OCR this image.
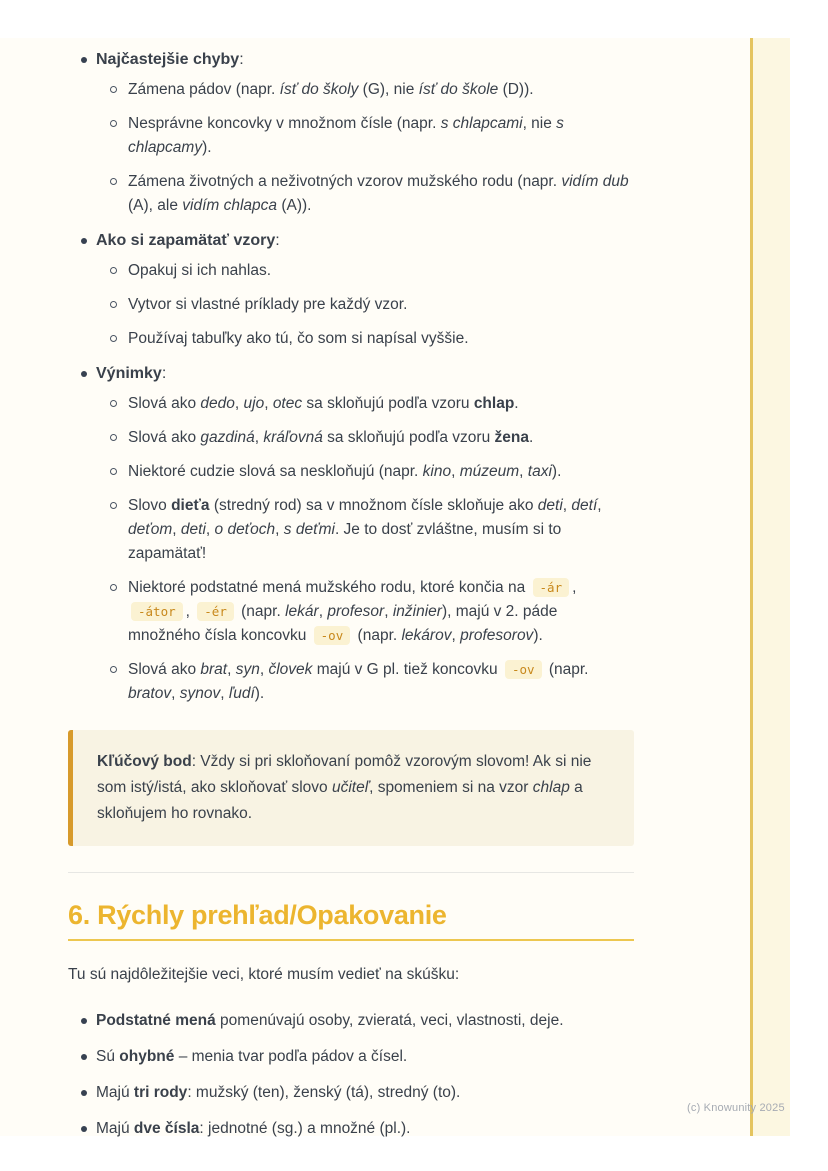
Najčastejšie chyby:
Zámena pádov (napr. ísť do školy (G), nie ísť do škole (D)).
Nesprávne koncovky v množnom čísle (napr. s chlapcami, nie s chlapcamy).
Zámena životných a neživotných vzorov mužského rodu (napr. vidím dub (A), ale vidím chlapca (A)).
Ako si zapamätať vzory:
Opakuj si ich nahlas.
Vytvor si vlastné príklady pre každý vzor.
Používaj tabuľky ako tú, čo som si napísal vyššie.
Výnimky:
Slová ako dedo, ujo, otec sa skloňujú podľa vzoru chlap.
Slová ako gazdiná, kráľovná sa skloňujú podľa vzoru žena.
Niektoré cudzie slová sa neskloňujú (napr. kino, múzeum, taxi).
Slovo dieťa (stredný rod) sa v množnom čísle skloňuje ako deti, detí, deťom, deti, o deťoch, s deťmi. Je to dosť zvláštne, musím si to zapamätať!
Niektoré podstatné mená mužského rodu, ktoré končia na -ár , -átor , -ér (napr. lekár, profesor, inžinier), majú v 2. páde množného čísla koncovku -ov (napr. lekárov, profesorov).
Slová ako brat, syn, človek majú v G pl. tiež koncovku -ov (napr. bratov, synov, ľudí).

Kľúčový bod: Vždy si pri skloňovaní pomôž vzorovým slovom! Ak si nie som istý/istá, ako skloňovať slovo učiteľ, spomeniem si na vzor chlap a skloňujem ho rovnako.

6. Rýchly prehľad/Opakovanie

Tu sú najdôležitejšie veci, ktoré musím vedieť na skúšku:

Podstatné mená pomenúvajú osoby, zvieratá, veci, vlastnosti, deje.
Sú ohybné – menia tvar podľa pádov a čísel.
Majú tri rody: mužský (ten), ženský (tá), stredný (to).
Majú dve čísla: jednotné (sg.) a množné (pl.).
(c) Knowunity 2025
